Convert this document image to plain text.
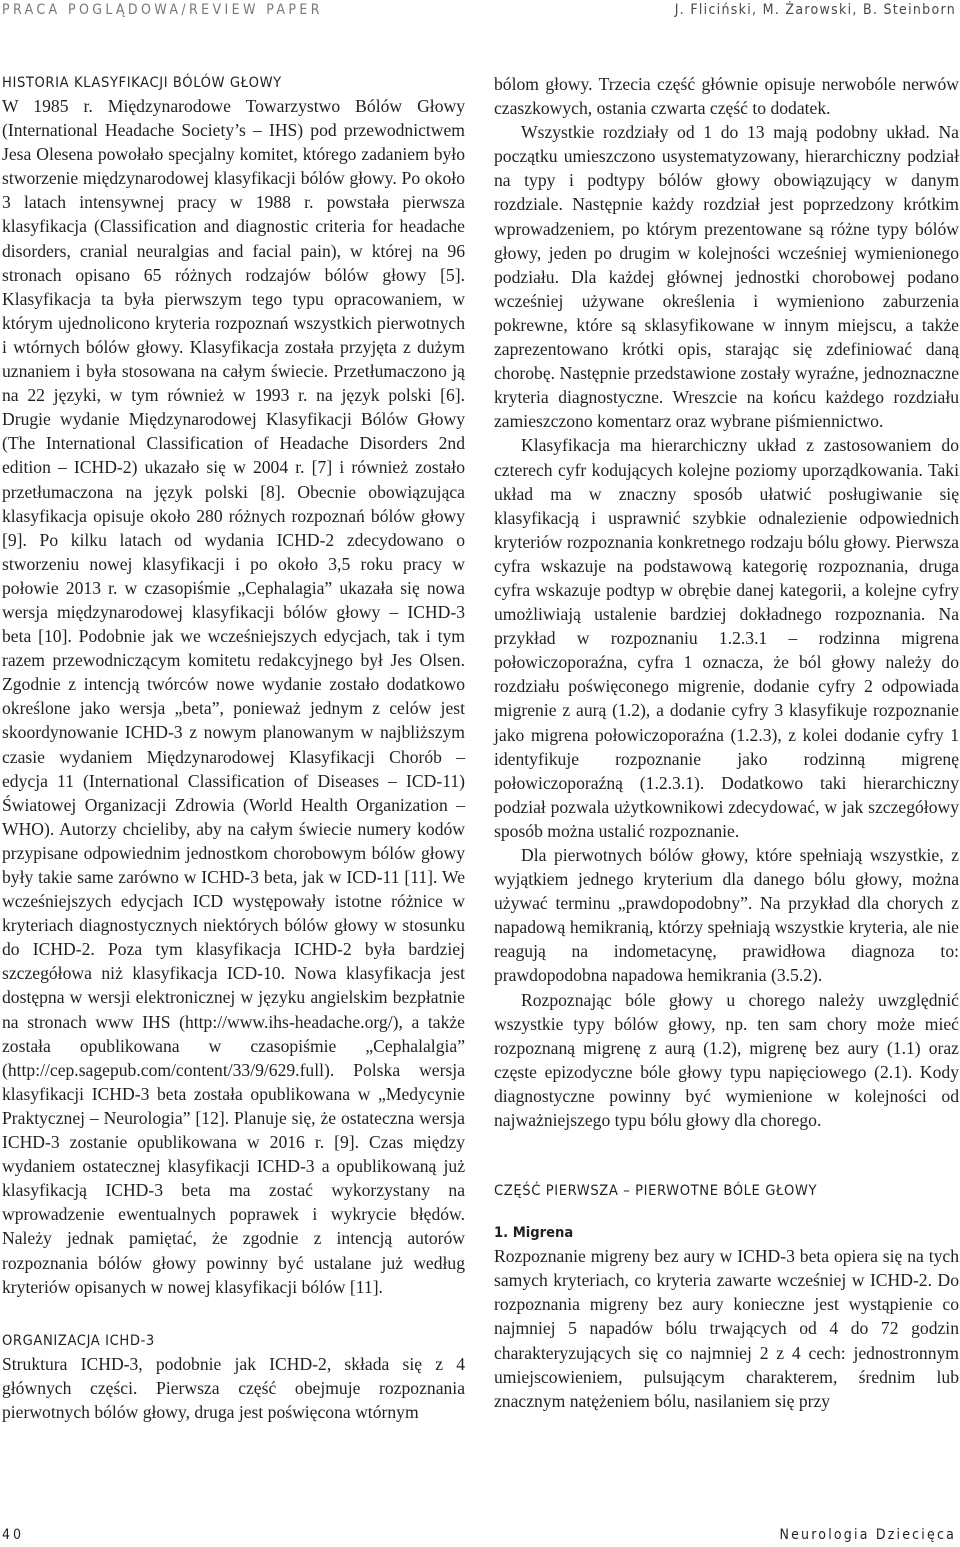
PRACA POGLĄDOWA/REVIEW PAPER	J. Fliciński, M. Żarowski, B. Steinborn
HISTORIA KLASYFIKACJI BÓLÓW GŁOWY

W 1985 r. Międzynarodowe Towarzystwo Bólów Głowy (International Headache Society’s – IHS) pod przewodnictwem Jesa Olesena powołało specjalny komitet, którego zadaniem było stworzenie międzynarodowej klasyfikacji bólów głowy. Po około 3 latach intensywnej pracy w 1988 r. powstała pierwsza klasyfikacja (Classification and diagnostic criteria for headache disorders, cranial neuralgias and facial pain), w której na 96 stronach opisano 65 różnych rodzajów bólów głowy [5]. Klasyfikacja ta była pierwszym tego typu opracowaniem, w którym ujednolicono kryteria rozpoznań wszystkich pierwotnych i wtórnych bólów głowy. Klasyfikacja została przyjęta z dużym uznaniem i była stosowana na całym świecie. Przetłumaczono ją na 22 języki, w tym również w 1993 r. na język polski [6]. Drugie wydanie Międzynarodowej Klasyfikacji Bólów Głowy (The International Classification of Headache Disorders 2nd edition – ICHD-2) ukazało się w 2004 r. [7] i również zostało przetłumaczona na język polski [8]. Obecnie obowiązująca klasyfikacja opisuje około 280 różnych rozpoznań bólów głowy [9]. Po kilku latach od wydania ICHD-2 zdecydowano o stworzeniu nowej klasyfikacji i po około 3,5 roku pracy w połowie 2013 r. w czasopiśmie „Cephalagia” ukazała się nowa wersja międzynarodowej klasyfikacji bólów głowy – ICHD-3 beta [10]. Podobnie jak we wcześniejszych edycjach, tak i tym razem przewodniczącym komitetu redakcyjnego był Jes Olsen. Zgodnie z intencją twórców nowe wydanie zostało dodatkowo określone jako wersja „beta”, ponieważ jednym z celów jest skoordynowanie ICHD-3 z nowym planowanym w najbliższym czasie wydaniem Międzynarodowej Klasyfikacji Chorób – edycja 11 (International Classification of Diseases – ICD-11) Światowej Organizacji Zdrowia (World Health Organization – WHO). Autorzy chcieliby, aby na całym świecie numery kodów przypisane odpowiednim jednostkom chorobowym bólów głowy były takie same zarówno w ICHD-3 beta, jak w ICD-11 [11]. We wcześniejszych edycjach ICD występowały istotne różnice w kryteriach diagnostycznych niektórych bólów głowy w stosunku do ICHD-2. Poza tym klasyfikacja ICHD-2 była bardziej szczegółowa niż klasyfikacja ICD-10. Nowa klasyfikacja jest dostępna w wersji elektronicznej w języku angielskim bezpłatnie na stronach www IHS (http://www.ihs-headache.org/), a także została opublikowana w czasopiśmie „Cephalalgia” (http://cep.sagepub.com/content/33/9/629.full). Polska wersja klasyfikacji ICHD-3 beta została opublikowana w „Medycynie Praktycznej – Neurologia” [12]. Planuje się, że ostateczna wersja ICHD-3 zostanie opublikowana w 2016 r. [9]. Czas między wydaniem ostatecznej klasyfikacji ICHD-3 a opublikowaną już klasyfikacją ICHD-3 beta ma zostać wykorzystany na wprowadzenie ewentualnych poprawek i wykrycie błędów. Należy jednak pamiętać, że zgodnie z intencją autorów rozpoznania bólów głowy powinny być ustalane już według kryteriów opisanych w nowej klasyfikacji bólów [11].

ORGANIZACJA ICHD-3

Struktura ICHD-3, podobnie jak ICHD-2, składa się z 4 głównych części. Pierwsza część obejmuje rozpoznania pierwotnych bólów głowy, druga jest poświęcona wtórnym

bólom głowy. Trzecia część głównie opisuje nerwobóle nerwów czaszkowych, ostania czwarta część to dodatek.

Wszystkie rozdziały od 1 do 13 mają podobny układ. Na początku umieszczono usystematyzowany, hierarchiczny podział na typy i podtypy bólów głowy obowiązujący w danym rozdziale. Następnie każdy rozdział jest poprzedzony krótkim wprowadzeniem, po którym prezentowane są różne typy bólów głowy, jeden po drugim w kolejności wcześniej wymienionego podziału. Dla każdej głównej jednostki chorobowej podano wcześniej używane określenia i wymieniono zaburzenia pokrewne, które są sklasyfikowane w innym miejscu, a także zaprezentowano krótki opis, starając się zdefiniować daną chorobę. Następnie przedstawione zostały wyraźne, jednoznaczne kryteria diagnostyczne. Wreszcie na końcu każdego rozdziału zamieszczono komentarz oraz wybrane piśmiennictwo.

Klasyfikacja ma hierarchiczny układ z zastosowaniem do czterech cyfr kodujących kolejne poziomy uporządkowania. Taki układ ma w znaczny sposób ułatwić posługiwanie się klasyfikacją i usprawnić szybkie odnalezienie odpowiednich kryteriów rozpoznania konkretnego rodzaju bólu głowy. Pierwsza cyfra wskazuje na podstawową kategorię rozpoznania, druga cyfra wskazuje podtyp w obrębie danej kategorii, a kolejne cyfry umożliwiają ustalenie bardziej dokładnego rozpoznania. Na przykład w rozpoznaniu 1.2.3.1 – rodzinna migrena połowiczoporaźna, cyfra 1 oznacza, że ból głowy należy do rozdziału poświęconego migrenie, dodanie cyfry 2 odpowiada migrenie z aurą (1.2), a dodanie cyfry 3 klasyfikuje rozpoznanie jako migrena połowiczoporaźna (1.2.3), z kolei dodanie cyfry 1 identyfikuje rozpoznanie jako rodzinną migrenę połowiczoporaźną (1.2.3.1). Dodatkowo taki hierarchiczny podział pozwala użytkownikowi zdecydować, w jak szczegółowy sposób można ustalić rozpoznanie.

Dla pierwotnych bólów głowy, które spełniają wszystkie, z wyjątkiem jednego kryterium dla danego bólu głowy, można używać terminu „prawdopodobny”. Na przykład dla chorych z napadową hemikranią, którzy spełniają wszystkie kryteria, ale nie reagują na indometacynę, prawidłowa diagnoza to: prawdopodobna napadowa hemikrania (3.5.2).

Rozpoznając bóle głowy u chorego należy uwzględnić wszystkie typy bólów głowy, np. ten sam chory może mieć rozpoznaną migrenę z aurą (1.2), migrenę bez aury (1.1) oraz częste epizodyczne bóle głowy typu napięciowego (2.1). Kody diagnostyczne powinny być wymienione w kolejności od najważniejszego typu bólu głowy dla chorego.

CZĘŚĆ PIERWSZA – PIERWOTNE BÓLE GŁOWY
1. Migrena

Rozpoznanie migreny bez aury w ICHD-3 beta opiera się na tych samych kryteriach, co kryteria zawarte wcześniej w ICHD-2. Do rozpoznania migreny bez aury konieczne jest wystąpienie co najmniej 5 napadów bólu trwających od 4 do 72 godzin charakteryzujących się co najmniej 2 z 4 cech: jednostronnym umiejscowieniem, pulsującym charakterem, średnim lub znacznym natężeniem bólu, nasilaniem się przy

40	Neurologia Dziecięca
